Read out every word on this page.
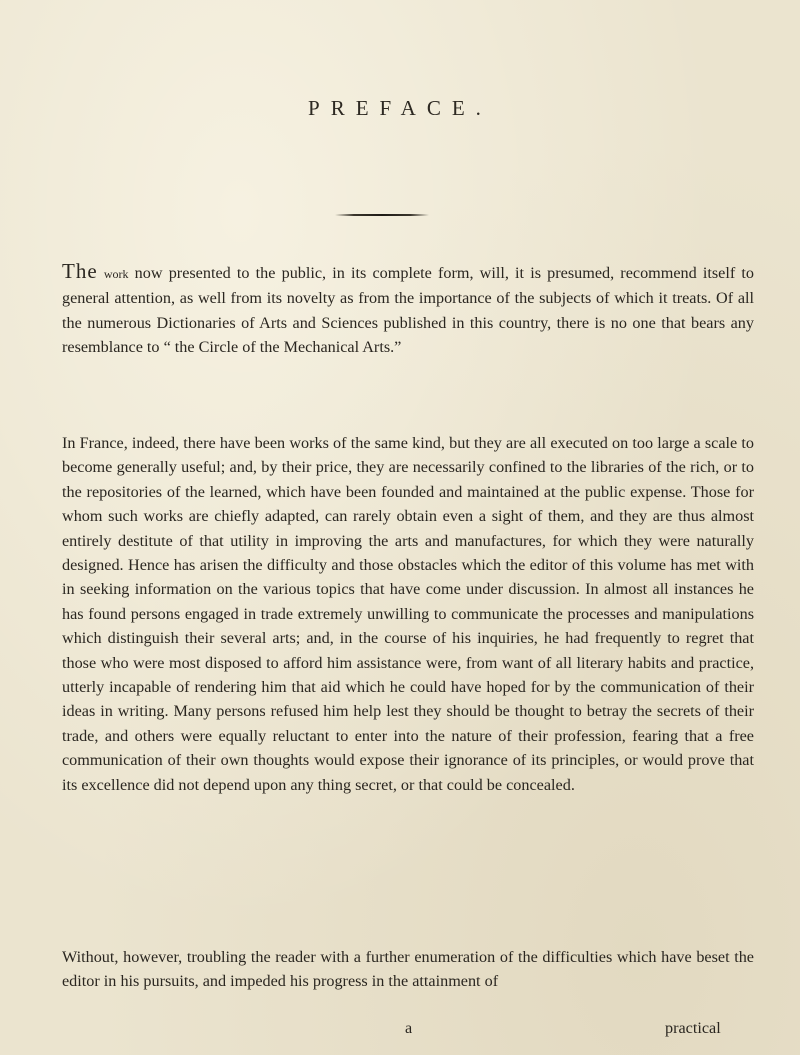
PREFACE.

The work now presented to the public, in its complete form, will, it is presumed, recommend itself to general attention, as well from its novelty as from the importance of the subjects of which it treats. Of all the numerous Dictionaries of Arts and Sciences published in this country, there is no one that bears any resemblance to “ the Circle of the Mechanical Arts.”

In France, indeed, there have been works of the same kind, but they are all executed on too large a scale to become generally useful; and, by their price, they are necessarily confined to the libraries of the rich, or to the repositories of the learned, which have been founded and maintained at the public expense. Those for whom such works are chiefly adapted, can rarely obtain even a sight of them, and they are thus almost entirely destitute of that utility in improving the arts and manufactures, for which they were naturally designed. Hence has arisen the difficulty and those obstacles which the editor of this volume has met with in seeking information on the various topics that have come under discussion. In almost all instances he has found persons engaged in trade extremely unwilling to communicate the processes and manipulations which distinguish their several arts; and, in the course of his inquiries, he had frequently to regret that those who were most disposed to afford him assistance were, from want of all literary habits and practice, utterly incapable of rendering him that aid which he could have hoped for by the communication of their ideas in writing. Many persons refused him help lest they should be thought to betray the secrets of their trade, and others were equally reluctant to enter into the nature of their profession, fearing that a free communication of their own thoughts would expose their ignorance of its principles, or would prove that its excellence did not depend upon any thing secret, or that could be concealed.

Without, however, troubling the reader with a further enumeration of the difficulties which have beset the editor in his pursuits, and impeded his progress in the attainment of

a	practical
